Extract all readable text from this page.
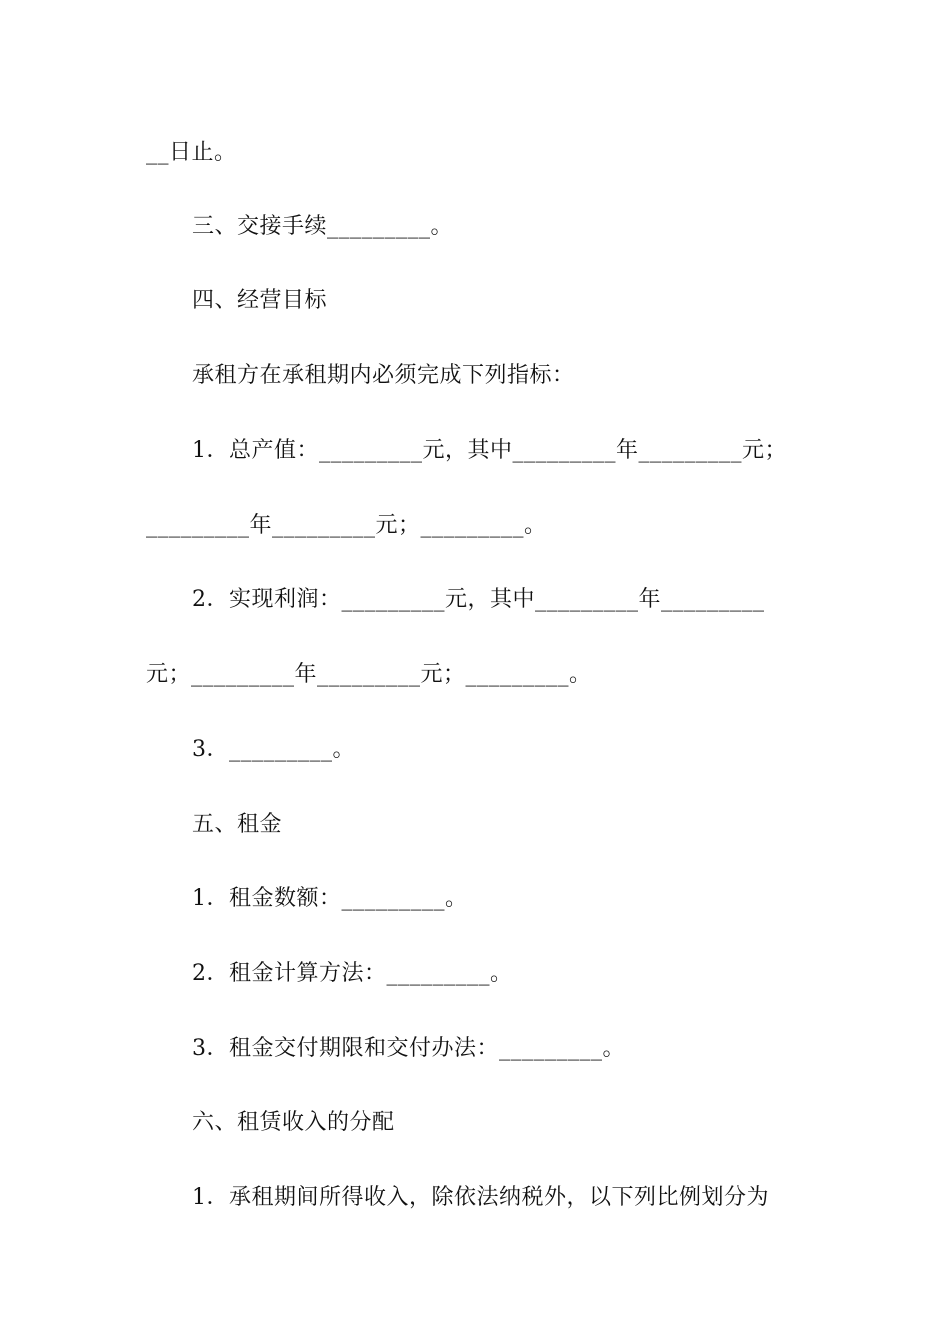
__日止。
三、交接手续_________。
四、经营目标
承租方在承租期内必须完成下列指标：
1．总产值：_________元，其中_________年_________元；
_________年_________元；_________。
2．实现利润：_________元，其中_________年_________
元；_________年_________元；_________。
3．_________。
五、租金
1．租金数额：_________。
2．租金计算方法：_________。
3．租金交付期限和交付办法：_________。
六、租赁收入的分配
1．承租期间所得收入，除依法纳税外，以下列比例划分为
